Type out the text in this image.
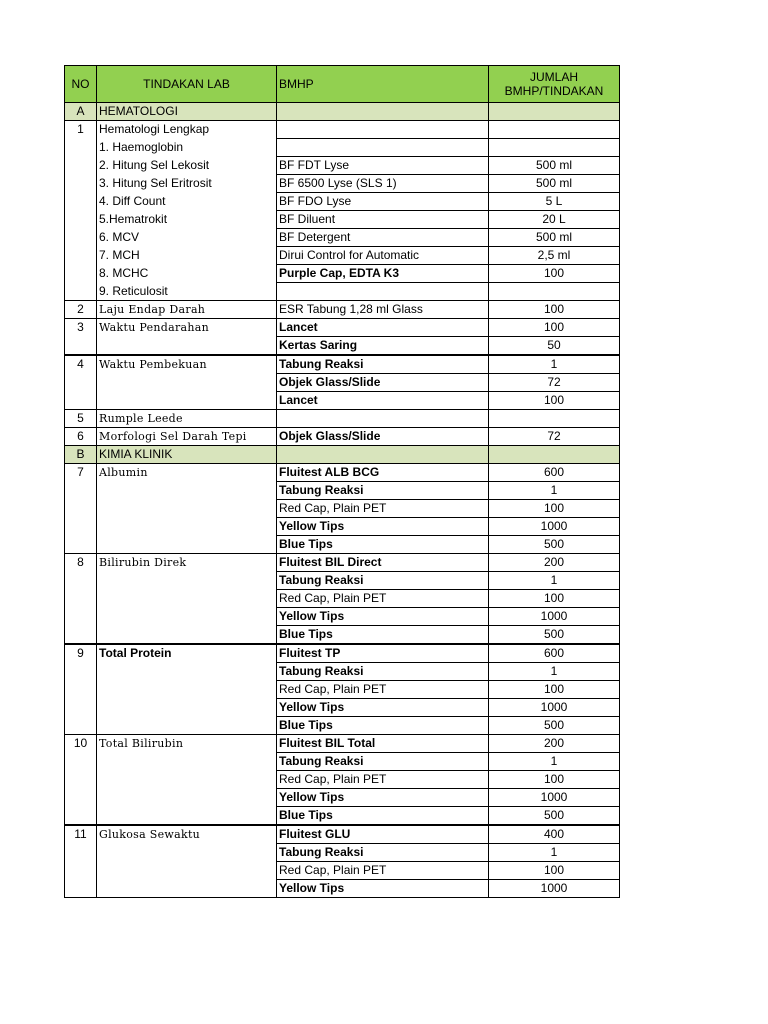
NO	TINDAKAN LAB	BMHP	JUMLAH
BMHP/TINDAKAN
A	HEMATOLOGI		
1	Hematologi Lengkap		
	1. Haemoglobin		
	2. Hitung Sel Lekosit	BF FDT Lyse	500 ml
	3. Hitung Sel Eritrosit	BF 6500 Lyse (SLS 1)	500 ml
	4. Diff Count	BF FDO Lyse	5 L
	5.Hematrokit	BF Diluent	20 L
	6. MCV	BF Detergent	500 ml
	7. MCH	Dirui Control for Automatic	2,5 ml
	8. MCHC	Purple Cap, EDTA K3	100
	9. Reticulosit		
2	Laju Endap Darah	ESR Tabung 1,28 ml Glass	100
3	Waktu Pendarahan	Lancet	100
		Kertas Saring	50
4	Waktu Pembekuan	Tabung Reaksi	1
		Objek Glass/Slide	72
		Lancet	100
5	Rumple Leede		
6	Morfologi Sel Darah Tepi	Objek Glass/Slide	72
B	KIMIA KLINIK		
7	Albumin	Fluitest ALB BCG	600
		Tabung Reaksi	1
		Red Cap, Plain PET	100
		Yellow Tips	1000
		Blue Tips	500
8	Bilirubin Direk	Fluitest BIL Direct	200
		Tabung Reaksi	1
		Red Cap, Plain PET	100
		Yellow Tips	1000
		Blue Tips	500
9	Total Protein	Fluitest TP	600
		Tabung Reaksi	1
		Red Cap, Plain PET	100
		Yellow Tips	1000
		Blue Tips	500
10	Total Bilirubin	Fluitest BIL Total	200
		Tabung Reaksi	1
		Red Cap, Plain PET	100
		Yellow Tips	1000
		Blue Tips	500
11	Glukosa Sewaktu	Fluitest GLU	400
		Tabung Reaksi	1
		Red Cap, Plain PET	100
		Yellow Tips	1000
